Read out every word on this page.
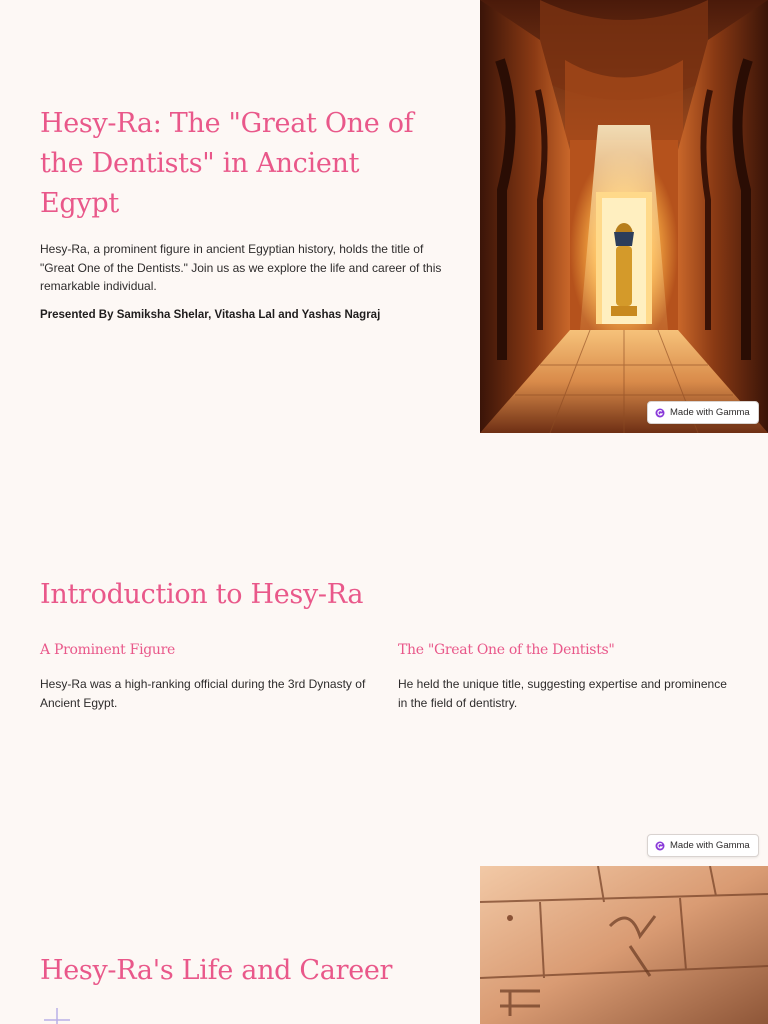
Hesy-Ra: The "Great One of the Dentists" in Ancient Egypt

Hesy-Ra, a prominent figure in ancient Egyptian history, holds the title of "Great One of the Dentists." Join us as we explore the life and career of this remarkable individual.

Presented By Samiksha Shelar, Vitasha Lal and Yashas Nagraj
Made with Gamma
Introduction to Hesy-Ra
A Prominent Figure

Hesy-Ra was a high-ranking official during the 3rd Dynasty of Ancient Egypt.

The "Great One of the Dentists"

He held the unique title, suggesting expertise and prominence in the field of dentistry.

Made with Gamma
Hesy-Ra's Life and Career
